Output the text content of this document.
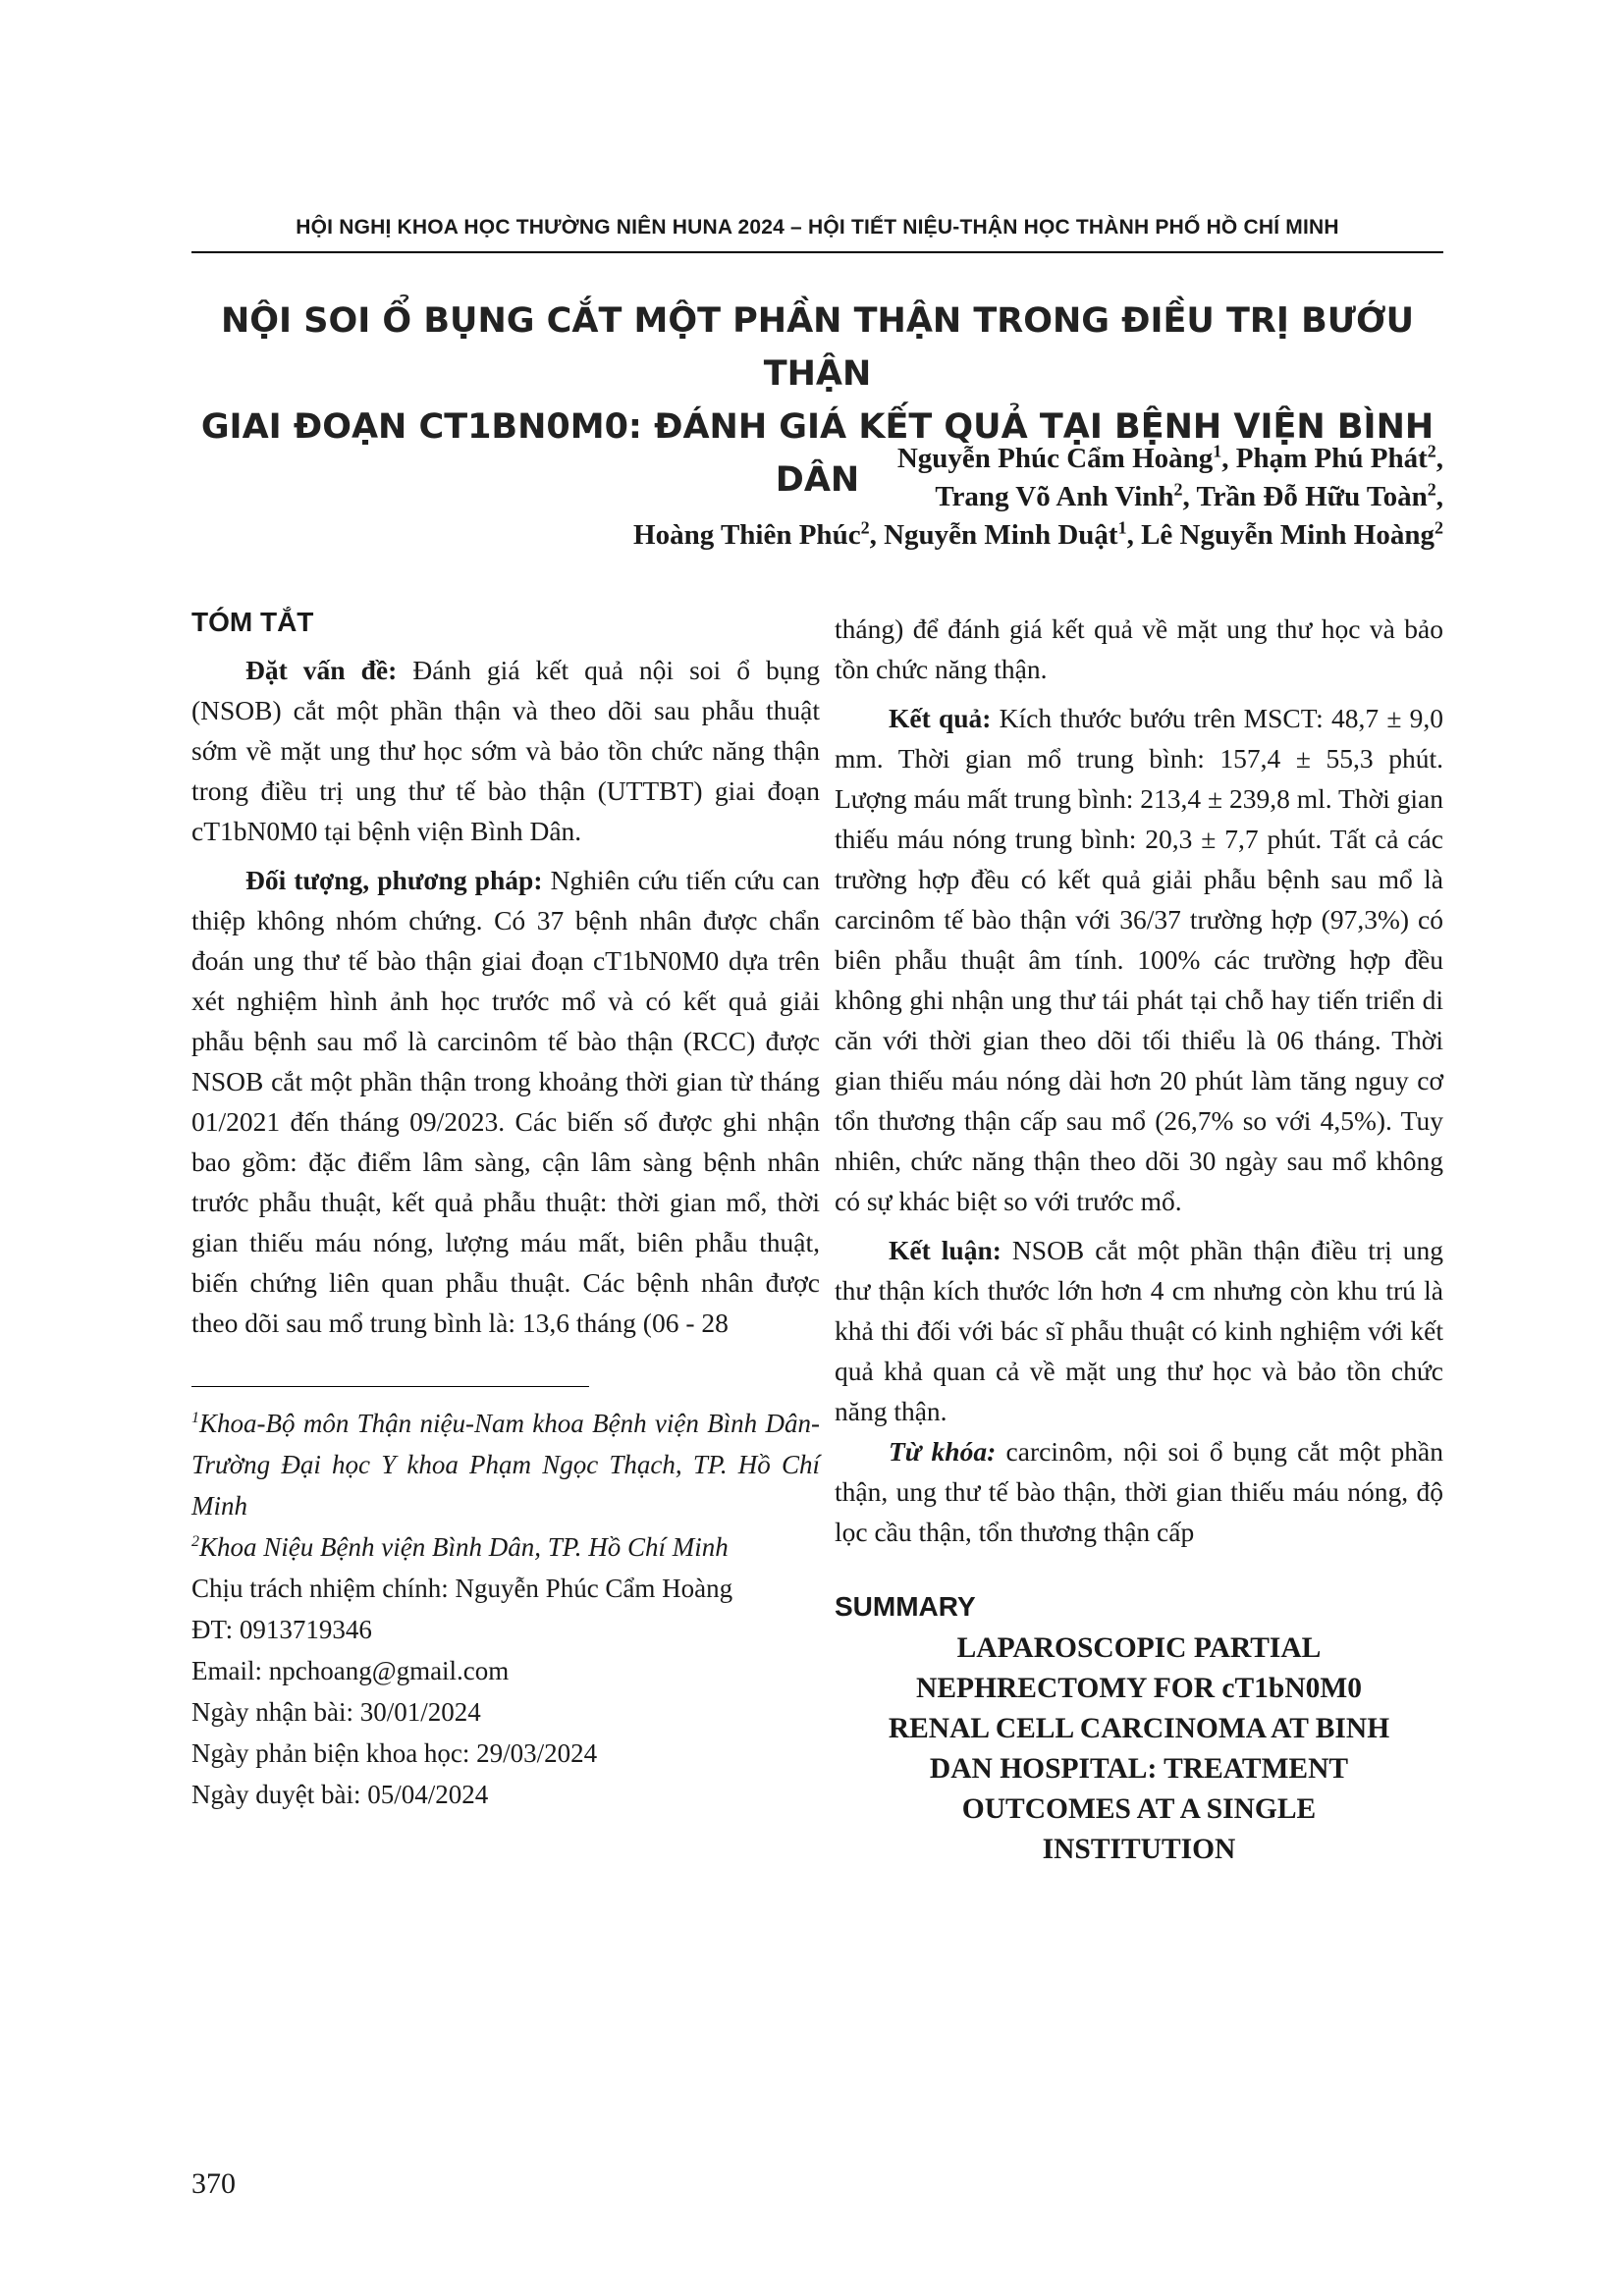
HỘI NGHỊ KHOA HỌC THƯỜNG NIÊN HUNA 2024 – HỘI TIẾT NIỆU-THẬN HỌC THÀNH PHỐ HỒ CHÍ MINH
NỘI SOI Ổ BỤNG CẮT MỘT PHẦN THẬN TRONG ĐIỀU TRỊ BƯỚU THẬN
GIAI ĐOẠN CT1BN0M0: ĐÁNH GIÁ KẾT QUẢ TẠI BỆNH VIỆN BÌNH DÂN
Nguyễn Phúc Cẩm Hoàng$^1$, Phạm Phú Phát$^2$,
Trang Võ Anh Vinh$^2$, Trần Đỗ Hữu Toàn$^2$,
Hoàng Thiên Phúc$^2$, Nguyễn Minh Duật$^1$, Lê Nguyễn Minh Hoàng$^2$
TÓM TẮT

Đặt vấn đề: Đánh giá kết quả nội soi ổ bụng (NSOB) cắt một phần thận và theo dõi sau phẫu thuật sớm về mặt ung thư học sớm và bảo tồn chức năng thận trong điều trị ung thư tế bào thận (UTTBT) giai đoạn cT1bN0M0 tại bệnh viện Bình Dân.

Đối tượng, phương pháp: Nghiên cứu tiến cứu can thiệp không nhóm chứng. Có 37 bệnh nhân được chẩn đoán ung thư tế bào thận giai đoạn cT1bN0M0 dựa trên xét nghiệm hình ảnh học trước mổ và có kết quả giải phẫu bệnh sau mổ là carcinôm tế bào thận (RCC) được NSOB cắt một phần thận trong khoảng thời gian từ tháng 01/2021 đến tháng 09/2023. Các biến số được ghi nhận bao gồm: đặc điểm lâm sàng, cận lâm sàng bệnh nhân trước phẫu thuật, kết quả phẫu thuật: thời gian mổ, thời gian thiếu máu nóng, lượng máu mất, biên phẫu thuật, biến chứng liên quan phẫu thuật. Các bệnh nhân được theo dõi sau mổ trung bình là: 13,6 tháng (06 - 28

$^1$Khoa-Bộ môn Thận niệu-Nam khoa Bệnh viện Bình Dân-Trường Đại học Y khoa Phạm Ngọc Thạch, TP. Hồ Chí Minh

$^2$Khoa Niệu Bệnh viện Bình Dân, TP. Hồ Chí Minh

Chịu trách nhiệm chính: Nguyễn Phúc Cẩm Hoàng

ĐT: 0913719346

Email: npchoang@gmail.com

Ngày nhận bài: 30/01/2024

Ngày phản biện khoa học: 29/03/2024

Ngày duyệt bài: 05/04/2024

tháng) để đánh giá kết quả về mặt ung thư học và bảo tồn chức năng thận.

Kết quả: Kích thước bướu trên MSCT: 48,7 ± 9,0 mm. Thời gian mổ trung bình: 157,4 ± 55,3 phút. Lượng máu mất trung bình: 213,4 ± 239,8 ml. Thời gian thiếu máu nóng trung bình: 20,3 ± 7,7 phút. Tất cả các trường hợp đều có kết quả giải phẫu bệnh sau mổ là carcinôm tế bào thận với 36/37 trường hợp (97,3%) có biên phẫu thuật âm tính. 100% các trường hợp đều không ghi nhận ung thư tái phát tại chỗ hay tiến triển di căn với thời gian theo dõi tối thiểu là 06 tháng. Thời gian thiếu máu nóng dài hơn 20 phút làm tăng nguy cơ tổn thương thận cấp sau mổ (26,7% so với 4,5%). Tuy nhiên, chức năng thận theo dõi 30 ngày sau mổ không có sự khác biệt so với trước mổ.

Kết luận: NSOB cắt một phần thận điều trị ung thư thận kích thước lớn hơn 4 cm nhưng còn khu trú là khả thi đối với bác sĩ phẫu thuật có kinh nghiệm với kết quả khả quan cả về mặt ung thư học và bảo tồn chức năng thận.

Từ khóa: carcinôm, nội soi ổ bụng cắt một phần thận, ung thư tế bào thận, thời gian thiếu máu nóng, độ lọc cầu thận, tổn thương thận cấp

SUMMARY

LAPAROSCOPIC PARTIAL NEPHRECTOMY FOR cT1bN0M0 RENAL CELL CARCINOMA AT BINH DAN HOSPITAL: TREATMENT OUTCOMES AT A SINGLE INSTITUTION

370
